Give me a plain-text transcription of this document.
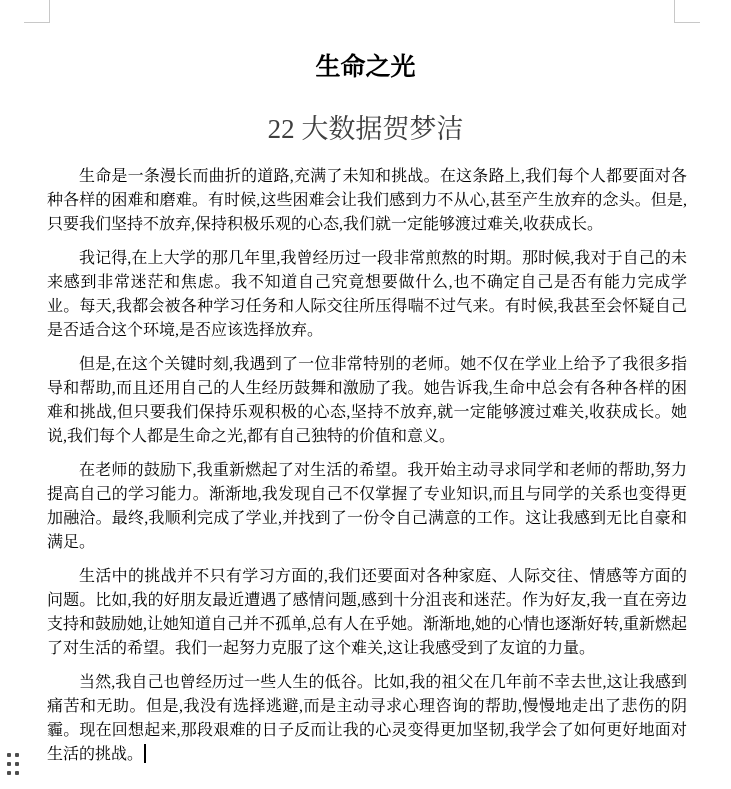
生命之光
22 大数据贺梦洁

生命是一条漫长而曲折的道路,充满了未知和挑战。在这条路上,我们每个人都要面对各种各样的困难和磨难。有时候,这些困难会让我们感到力不从心,甚至产生放弃的念头。但是,只要我们坚持不放弃,保持积极乐观的心态,我们就一定能够渡过难关,收获成长。

我记得,在上大学的那几年里,我曾经历过一段非常煎熬的时期。那时候,我对于自己的未来感到非常迷茫和焦虑。我不知道自己究竟想要做什么,也不确定自己是否有能力完成学业。每天,我都会被各种学习任务和人际交往所压得喘不过气来。有时候,我甚至会怀疑自己是否适合这个环境,是否应该选择放弃。

但是,在这个关键时刻,我遇到了一位非常特别的老师。她不仅在学业上给予了我很多指导和帮助,而且还用自己的人生经历鼓舞和激励了我。她告诉我,生命中总会有各种各样的困难和挑战,但只要我们保持乐观积极的心态,坚持不放弃,就一定能够渡过难关,收获成长。她说,我们每个人都是生命之光,都有自己独特的价值和意义。

在老师的鼓励下,我重新燃起了对生活的希望。我开始主动寻求同学和老师的帮助,努力提高自己的学习能力。渐渐地,我发现自己不仅掌握了专业知识,而且与同学的关系也变得更加融洽。最终,我顺利完成了学业,并找到了一份令自己满意的工作。这让我感到无比自豪和满足。

生活中的挑战并不只有学习方面的,我们还要面对各种家庭、人际交往、情感等方面的问题。比如,我的好朋友最近遭遇了感情问题,感到十分沮丧和迷茫。作为好友,我一直在旁边支持和鼓励她,让她知道自己并不孤单,总有人在乎她。渐渐地,她的心情也逐渐好转,重新燃起了对生活的希望。我们一起努力克服了这个难关,这让我感受到了友谊的力量。

当然,我自己也曾经历过一些人生的低谷。比如,我的祖父在几年前不幸去世,这让我感到痛苦和无助。但是,我没有选择逃避,而是主动寻求心理咨询的帮助,慢慢地走出了悲伤的阴霾。现在回想起来,那段艰难的日子反而让我的心灵变得更加坚韧,我学会了如何更好地面对生活的挑战。
